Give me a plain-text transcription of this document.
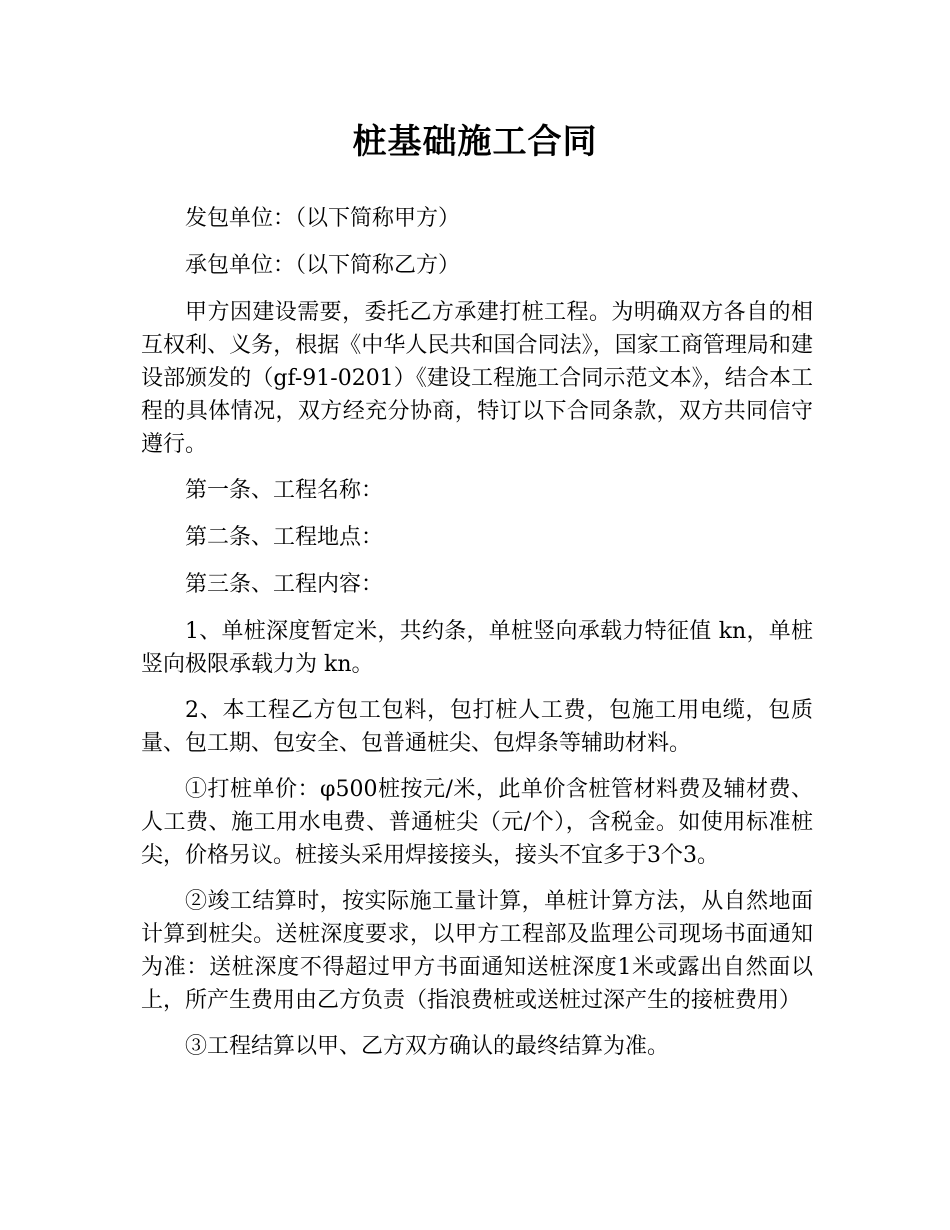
桩基础施工合同

发包单位：（以下简称甲方）

承包单位：（以下简称乙方）

甲方因建设需要，委托乙方承建打桩工程。为明确双方各自的相互权利、义务，根据《中华人民共和国合同法》，国家工商管理局和建设部颁发的（gf-91-0201）《建设工程施工合同示范文本》，结合本工程的具体情况，双方经充分协商，特订以下合同条款，双方共同信守遵行。

第一条、工程名称：

第二条、工程地点：

第三条、工程内容：

1、单桩深度暂定米，共约条，单桩竖向承载力特征值 kn，单桩竖向极限承载力为 kn。

2、本工程乙方包工包料，包打桩人工费，包施工用电缆，包质量、包工期、包安全、包普通桩尖、包焊条等辅助材料。

①打桩单价：φ500桩按元/米，此单价含桩管材料费及辅材费、人工费、施工用水电费、普通桩尖（元/个），含税金。如使用标准桩尖，价格另议。桩接头采用焊接接头，接头不宜多于3个3。

②竣工结算时，按实际施工量计算，单桩计算方法，从自然地面计算到桩尖。送桩深度要求，以甲方工程部及监理公司现场书面通知为准：送桩深度不得超过甲方书面通知送桩深度1米或露出自然面以上，所产生费用由乙方负责（指浪费桩或送桩过深产生的接桩费用）

③工程结算以甲、乙方双方确认的最终结算为准。
